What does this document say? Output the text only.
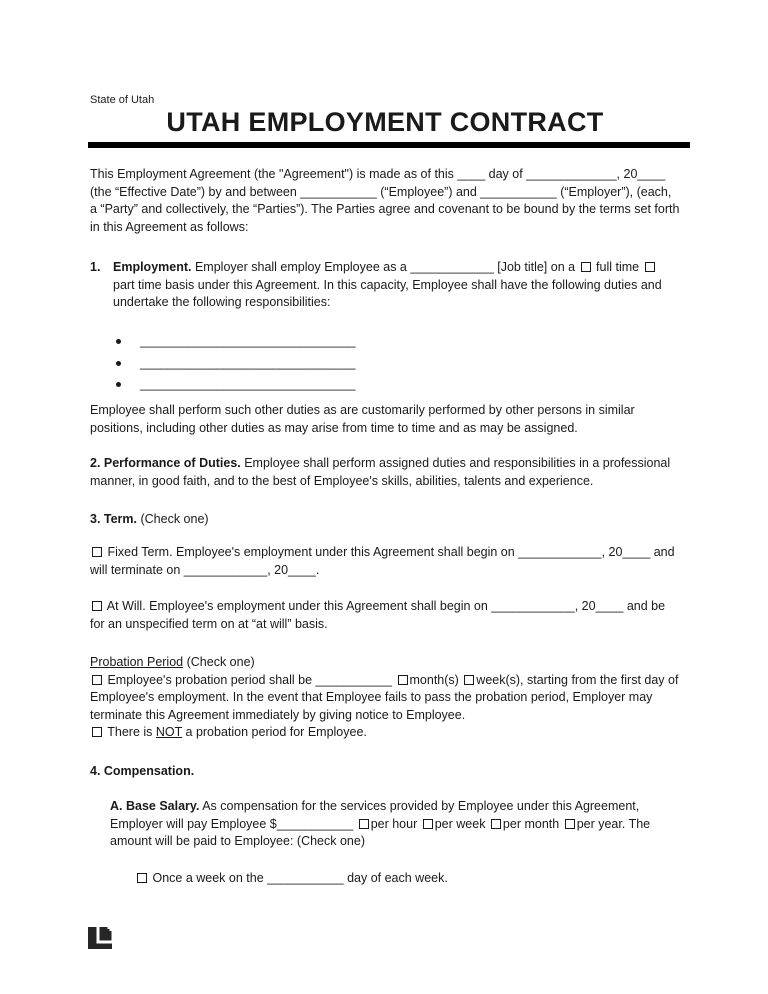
State of Utah
UTAH EMPLOYMENT CONTRACT
This Employment Agreement (the "Agreement") is made as of this ____ day of _____________, 20____ (the “Effective Date”) by and between ___________ (“Employee”) and ___________ (“Employer”), (each, a “Party” and collectively, the “Parties”). The Parties agree and covenant to be bound by the terms set forth in this Agreement as follows:
1. Employment. Employer shall employ Employee as a ____________ [Job title] on a  full time  part time basis under this Agreement. In this capacity, Employee shall have the following duties and undertake the following responsibilities:
_______________________________
_______________________________
_______________________________
Employee shall perform such other duties as are customarily performed by other persons in similar positions, including other duties as may arise from time to time and as may be assigned.
2. Performance of Duties. Employee shall perform assigned duties and responsibilities in a professional manner, in good faith, and to the best of Employee's skills, abilities, talents and experience.
3. Term. (Check one)
Fixed Term. Employee's employment under this Agreement shall begin on ____________, 20____ and will terminate on ____________, 20____.
At Will. Employee's employment under this Agreement shall begin on ____________, 20____ and be for an unspecified term on at “at will” basis.
Probation Period (Check one)
Employee's probation period shall be ___________ month(s) week(s), starting from the first day of Employee's employment. In the event that Employee fails to pass the probation period, Employer may terminate this Agreement immediately by giving notice to Employee.
There is NOT a probation period for Employee.
4. Compensation.
A. Base Salary. As compensation for the services provided by Employee under this Agreement, Employer will pay Employee $___________ per hour per week per month per year. The amount will be paid to Employee: (Check one)
Once a week on the ___________ day of each week.
